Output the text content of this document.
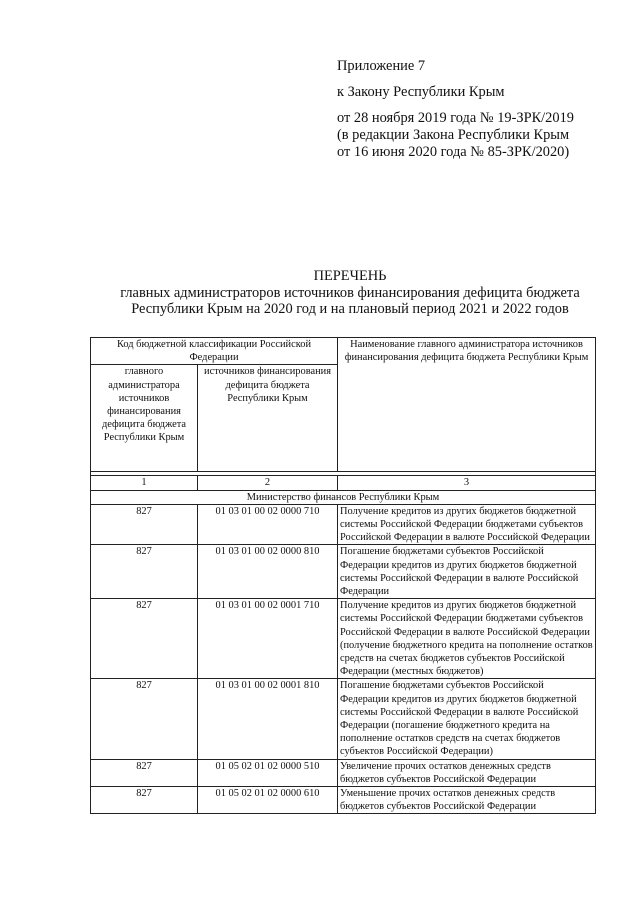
Приложение 7
к Закону Республики Крым
от 28 ноября 2019 года № 19-ЗРК/2019
(в редакции Закона Республики Крым
от 16 июня 2020 года № 85-ЗРК/2020)
ПЕРЕЧЕНЬ
главных администраторов источников финансирования дефицита бюджета
Республики Крым на 2020 год и на плановый период 2021 и 2022 годов
Код бюджетной классификации Российской Федерации		Наименование главного администратора источников финансирования дефицита бюджета Республики Крым
главного администратора источников финансирования дефицита бюджета Республики Крым	источников финансирования дефицита бюджета Республики Крым	

1	2	3
Министерство финансов Республики Крым		
827	01 03 01 00 02 0000 710	Получение кредитов из других бюджетов бюджетной системы Российской Федерации бюджетами субъектов Российской Федерации в валюте Российской Федерации
827	01 03 01 00 02 0000 810	Погашение бюджетами субъектов Российской Федерации кредитов из других бюджетов бюджетной системы Российской Федерации в валюте Российской Федерации
827	01 03 01 00 02 0001 710	Получение кредитов из других бюджетов бюджетной системы Российской Федерации бюджетами субъектов Российской Федерации в валюте Российской Федерации (получение бюджетного кредита на пополнение остатков средств на счетах бюджетов субъектов Российской Федерации (местных бюджетов)
827	01 03 01 00 02 0001 810	Погашение бюджетами субъектов Российской Федерации кредитов из других бюджетов бюджетной системы Российской Федерации в валюте Российской Федерации (погашение бюджетного кредита на пополнение остатков средств на счетах бюджетов субъектов Российской Федерации)
827	01 05 02 01 02 0000 510	Увеличение прочих остатков денежных средств бюджетов субъектов Российской Федерации
827	01 05 02 01 02 0000 610	Уменьшение прочих остатков денежных средств бюджетов субъектов Российской Федерации
